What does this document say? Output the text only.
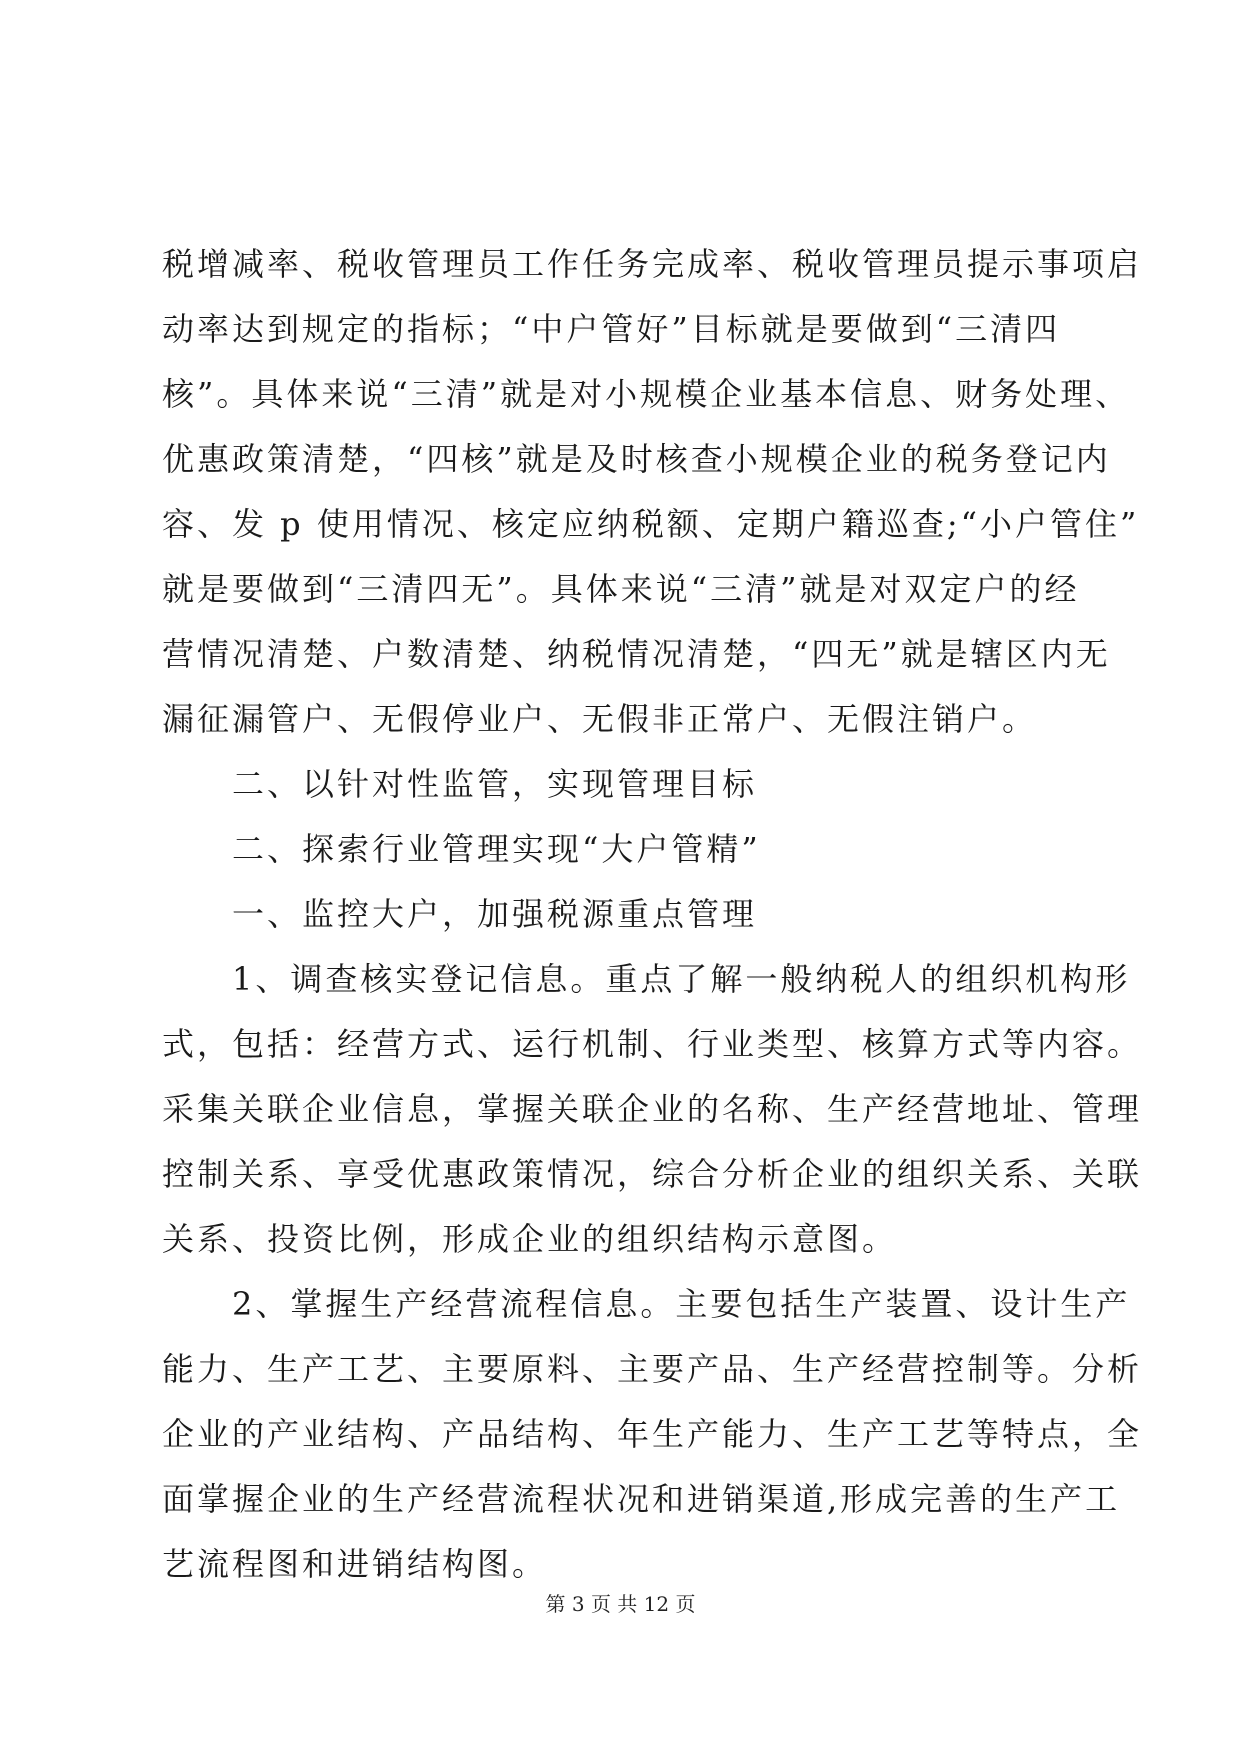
税增减率、税收管理员工作任务完成率、税收管理员提示事项启
动率达到规定的指标；“中户管好”目标就是要做到“三清四
核”。具体来说“三清”就是对小规模企业基本信息、财务处理、
优惠政策清楚，“四核”就是及时核查小规模企业的税务登记内
容、发 p 使用情况、核定应纳税额、定期户籍巡查;“小户管住”
就是要做到“三清四无”。具体来说“三清”就是对双定户的经
营情况清楚、户数清楚、纳税情况清楚，“四无”就是辖区内无
漏征漏管户、无假停业户、无假非正常户、无假注销户。
二、以针对性监管，实现管理目标
二、探索行业管理实现“大户管精”
一、监控大户，加强税源重点管理
1、调查核实登记信息。重点了解一般纳税人的组织机构形
式，包括：经营方式、运行机制、行业类型、核算方式等内容。
采集关联企业信息，掌握关联企业的名称、生产经营地址、管理
控制关系、享受优惠政策情况，综合分析企业的组织关系、关联
关系、投资比例，形成企业的组织结构示意图。
2、掌握生产经营流程信息。主要包括生产装置、设计生产
能力、生产工艺、主要原料、主要产品、生产经营控制等。分析
企业的产业结构、产品结构、年生产能力、生产工艺等特点，全
面掌握企业的生产经营流程状况和进销渠道,形成完善的生产工
艺流程图和进销结构图。
第 3 页 共 12 页
